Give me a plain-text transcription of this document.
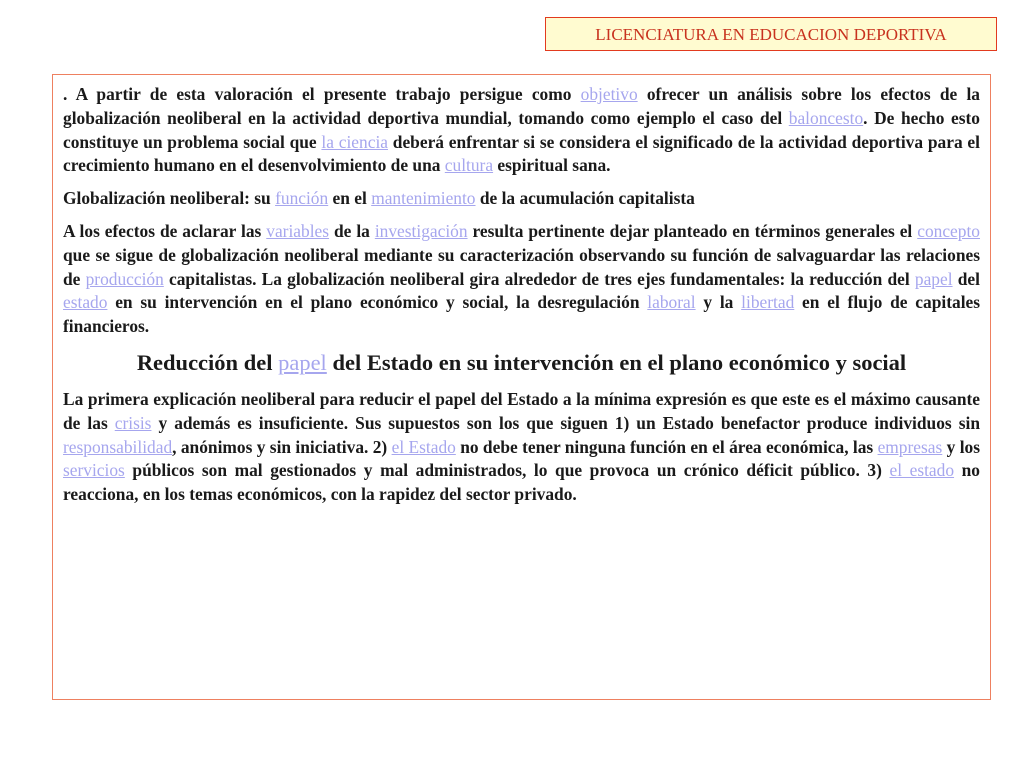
LICENCIATURA EN EDUCACION DEPORTIVA

. A partir de esta valoración el presente trabajo persigue como objetivo ofrecer un análisis sobre los efectos de la globalización neoliberal en la actividad deportiva mundial, tomando como ejemplo el caso del baloncesto. De hecho esto constituye un problema social que la ciencia deberá enfrentar si se considera el significado de la actividad deportiva para el crecimiento humano en el desenvolvimiento de una cultura espiritual sana.

Globalización neoliberal: su función en el mantenimiento de la acumulación capitalista

A los efectos de aclarar las variables de la investigación resulta pertinente dejar planteado en términos generales el concepto que se sigue de globalización neoliberal mediante su caracterización observando su función de salvaguardar las relaciones de producción capitalistas. La globalización neoliberal gira alrededor de tres ejes fundamentales: la reducción del papel del estado en su intervención en el plano económico y social, la desregulación laboral y la libertad en el flujo de capitales financieros.

Reducción del papel del Estado en su intervención en el plano económico y social

La primera explicación neoliberal para reducir el papel del Estado a la mínima expresión es que este es el máximo causante de las crisis y además es insuficiente. Sus supuestos son los que siguen 1) un Estado benefactor produce individuos sin responsabilidad, anónimos y sin iniciativa. 2) el Estado no debe tener ninguna función en el área económica, las empresas y los servicios públicos son mal gestionados y mal administrados, lo que provoca un crónico déficit público. 3) el estado no reacciona, en los temas económicos, con la rapidez del sector privado.
